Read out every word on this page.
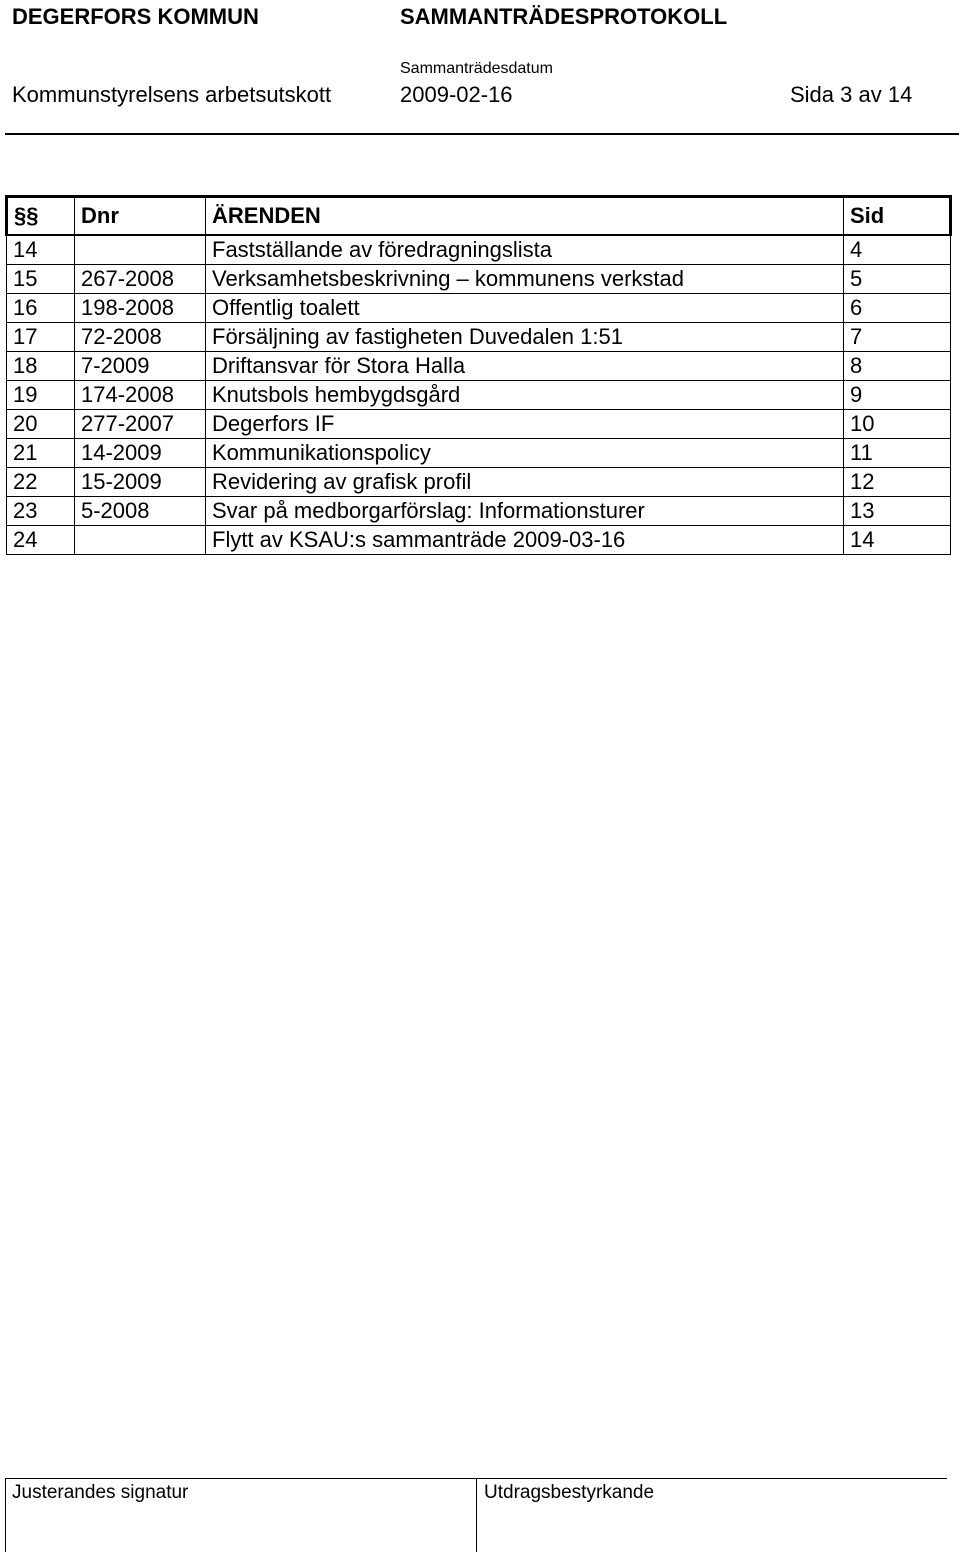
DEGERFORS KOMMUN	SAMMANTRÄDESPROTOKOLL
Sammanträdesdatum
Kommunstyrelsens arbetsutskott	2009-02-16	Sida 3 av 14
§§	Dnr	ÄRENDEN	Sid
14		Fastställande av föredragningslista	4
15	267-2008	Verksamhetsbeskrivning – kommunens verkstad	5
16	198-2008	Offentlig toalett	6
17	72-2008	Försäljning av fastigheten Duvedalen 1:51	7
18	7-2009	Driftansvar för Stora Halla	8
19	174-2008	Knutsbols hembygdsgård	9
20	277-2007	Degerfors IF	10
21	14-2009	Kommunikationspolicy	11
22	15-2009	Revidering av grafisk profil	12
23	5-2008	Svar på medborgarförslag: Informationsturer	13
24		Flytt av KSAU:s sammanträde 2009-03-16	14
Justerandes signatur	Utdragsbestyrkande
